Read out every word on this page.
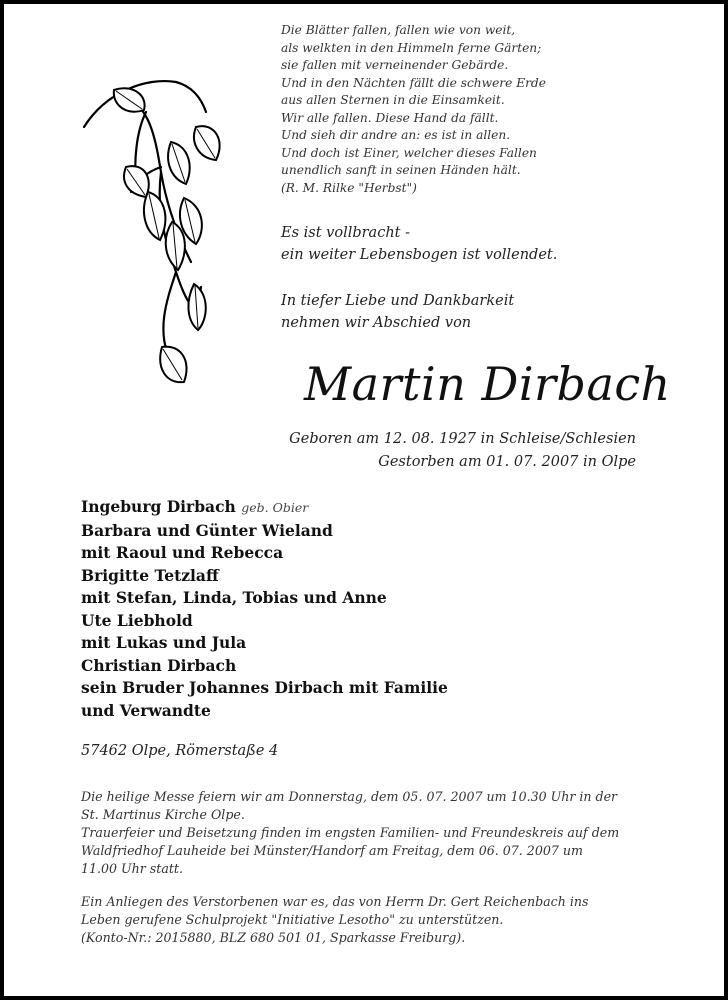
Die Blätter fallen, fallen wie von weit,
als welkten in den Himmeln ferne Gärten;
sie fallen mit verneinender Gebärde.
Und in den Nächten fällt die schwere Erde
aus allen Sternen in die Einsamkeit.
Wir alle fallen. Diese Hand da fällt.
Und sieh dir andre an: es ist in allen.
Und doch ist Einer, welcher dieses Fallen
unendlich sanft in seinen Händen hält.
(R. M. Rilke "Herbst")
Es ist vollbracht -
ein weiter Lebensbogen ist vollendet.
In tiefer Liebe und Dankbarkeit
nehmen wir Abschied von
Martin Dirbach
Geboren am 12. 08. 1927 in Schleise/Schlesien
Gestorben am 01. 07. 2007 in Olpe
Ingeburg Dirbach geb. Obier
Barbara und Günter Wieland
mit Raoul und Rebecca
Brigitte Tetzlaff
mit Stefan, Linda, Tobias und Anne
Ute Liebhold
mit Lukas und Jula
Christian Dirbach
sein Bruder Johannes Dirbach mit Familie
und Verwandte
57462 Olpe, Römerstaße 4
Die heilige Messe feiern wir am Donnerstag, dem 05. 07. 2007 um 10.30 Uhr in der
St. Martinus Kirche Olpe.
Trauerfeier und Beisetzung finden im engsten Familien- und Freundeskreis auf dem
Waldfriedhof Lauheide bei Münster/Handorf am Freitag, dem 06. 07. 2007 um
11.00 Uhr statt.
Ein Anliegen des Verstorbenen war es, das von Herrn Dr. Gert Reichenbach ins
Leben gerufene Schulprojekt "Initiative Lesotho" zu unterstützen.
(Konto-Nr.: 2015880, BLZ 680 501 01, Sparkasse Freiburg).
